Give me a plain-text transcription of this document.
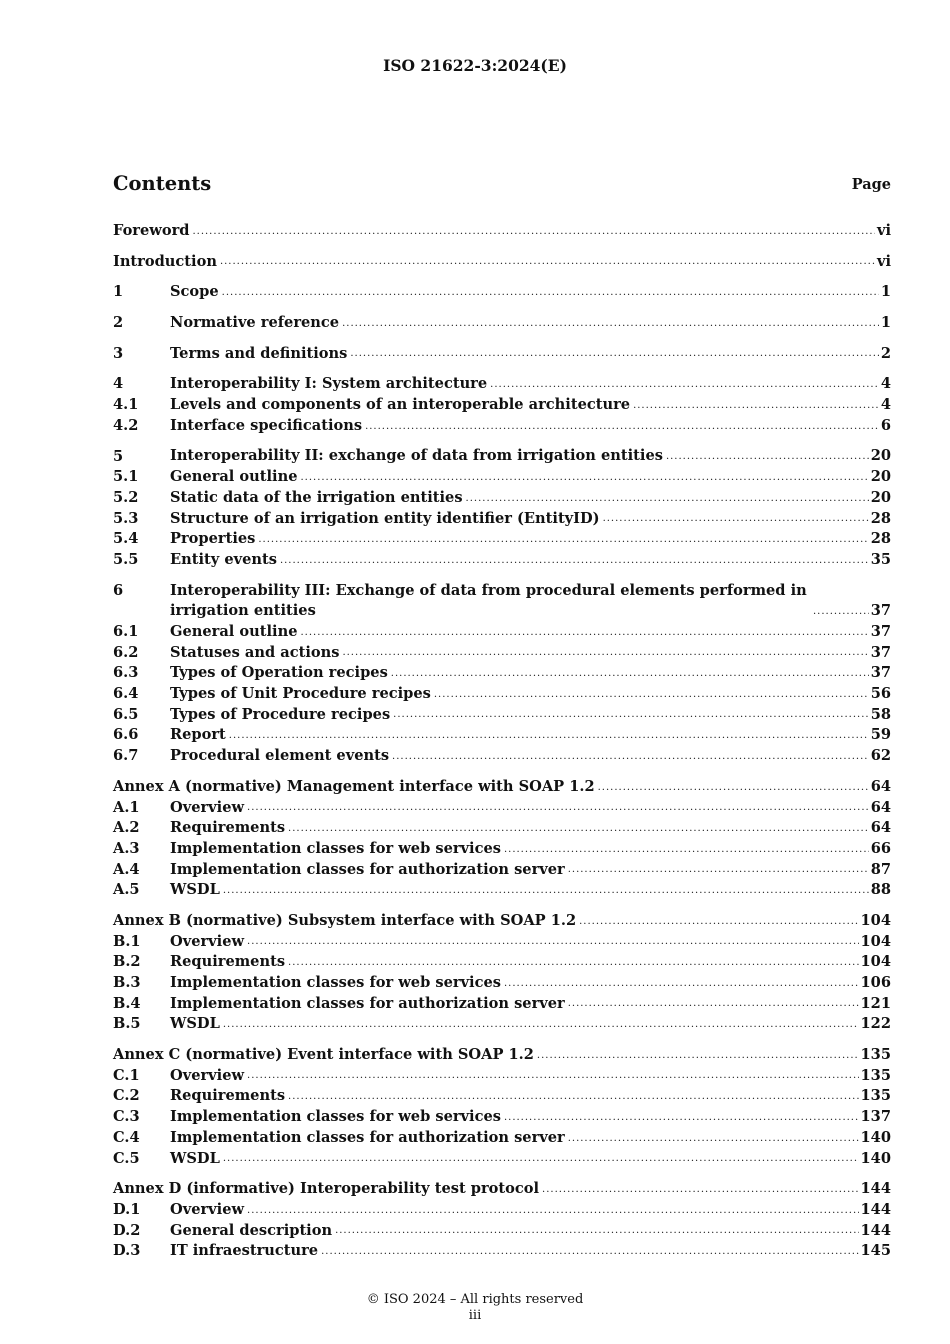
ISO 21622-3:2024(E)
Contents	Page
Foreword .....	vi
Introduction .....	vi
1	Scope .....	1
2	Normative reference .....	1
3	Terms and definitions .....	2
4	Interoperability I: System architecture .....	4
4.1 Levels and components of an interoperable architecture .....	4
4.2 Interface specifications .....	6
5	Interoperability II: exchange of data from irrigation entities .....	20
5.1 General outline .....	20
5.2 Static data of the irrigation entities .....	20
5.3 Structure of an irrigation entity identifier (EntityID) .....	28
5.4 Properties .....	28
5.5 Entity events .....	35
6	Interoperability III: Exchange of data from procedural elements performed in irrigation entities .....	37
6.1 General outline .....	37
6.2 Statuses and actions .....	37
6.3 Types of Operation recipes .....	37
6.4 Types of Unit Procedure recipes .....	56
6.5 Types of Procedure recipes .....	58
6.6 Report .....	59
6.7 Procedural element events .....	62
Annex A (normative) Management interface with SOAP 1.2 .....	64
A.1 Overview .....	64
A.2 Requirements .....	64
A.3 Implementation classes for web services .....	66
A.4 Implementation classes for authorization server .....	87
A.5 WSDL .....	88
Annex B (normative) Subsystem interface with SOAP 1.2 .....	104
B.1 Overview .....	104
B.2 Requirements .....	104
B.3 Implementation classes for web services .....	106
B.4 Implementation classes for authorization server .....	121
B.5 WSDL .....	122
Annex C (normative) Event interface with SOAP 1.2 .....	135
C.1 Overview .....	135
C.2 Requirements .....	135
C.3 Implementation classes for web services .....	137
C.4 Implementation classes for authorization server .....	140
C.5 WSDL .....	140
Annex D (informative) Interoperability test protocol .....	144
D.1 Overview .....	144
D.2 General description .....	144
D.3 IT infraestructure .....	145
© ISO 2024 – All rights reserved
iii
